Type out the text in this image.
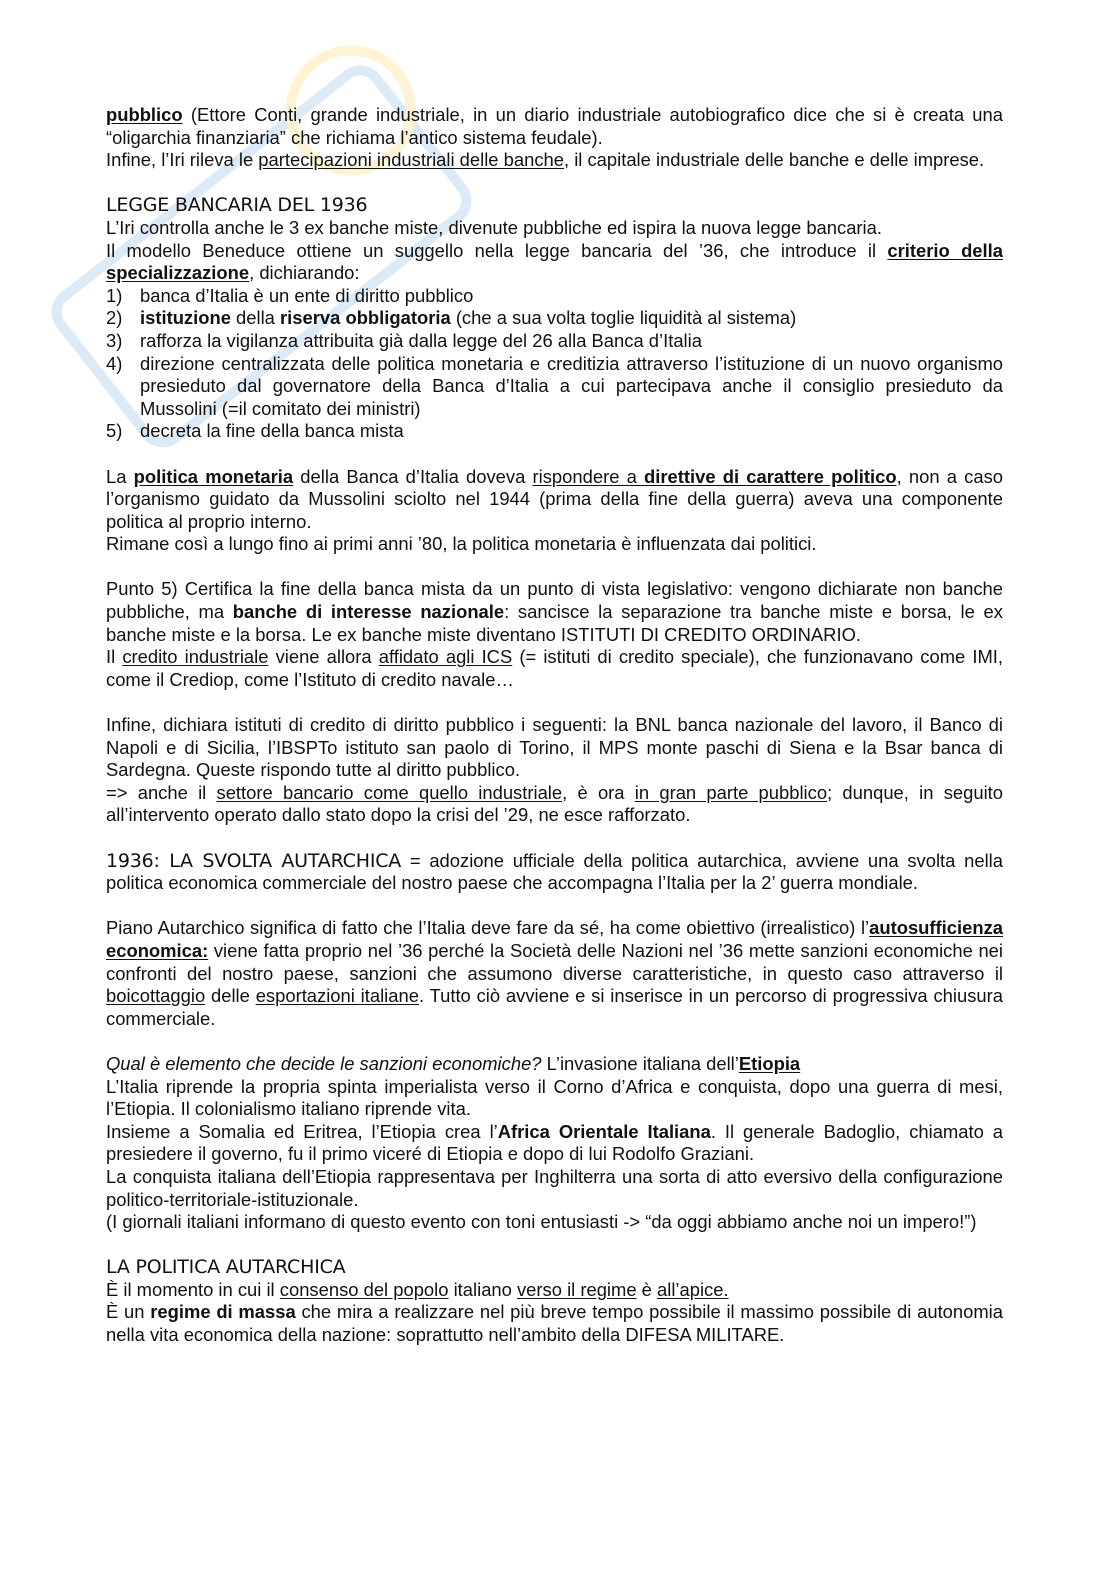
pubblico (Ettore Conti, grande industriale, in un diario industriale autobiografico dice che si è creata una “oligarchia finanziaria” che richiama l’antico sistema feudale).

Infine, l’Iri rileva le partecipazioni industriali delle banche, il capitale industriale delle banche e delle imprese.

LEGGE BANCARIA DEL 1936

L’Iri controlla anche le 3 ex banche miste, divenute pubbliche ed ispira la nuova legge bancaria.

Il modello Beneduce ottiene un suggello nella legge bancaria del ’36, che introduce il criterio della specializzazione, dichiarando:

1) banca d’Italia è un ente di diritto pubblico
2) istituzione della riserva obbligatoria (che a sua volta toglie liquidità al sistema)
3) rafforza la vigilanza attribuita già dalla legge del 26 alla Banca d’Italia
4) direzione centralizzata delle politica monetaria e creditizia attraverso l’istituzione di un nuovo organismo presieduto dal governatore della Banca d’Italia a cui partecipava anche il consiglio presieduto da Mussolini (=il comitato dei ministri)
5) decreta la fine della banca mista

La politica monetaria della Banca d’Italia doveva rispondere a direttive di carattere politico, non a caso l’organismo guidato da Mussolini sciolto nel 1944 (prima della fine della guerra) aveva una componente politica al proprio interno.

Rimane così a lungo fino ai primi anni ’80, la politica monetaria è influenzata dai politici.

Punto 5) Certifica la fine della banca mista da un punto di vista legislativo: vengono dichiarate non banche pubbliche, ma banche di interesse nazionale: sancisce la separazione tra banche miste e borsa, le ex banche miste e la borsa. Le ex banche miste diventano ISTITUTI DI CREDITO ORDINARIO.

Il credito industriale viene allora affidato agli ICS (= istituti di credito speciale), che funzionavano come IMI, come il Crediop, come l’Istituto di credito navale…

Infine, dichiara istituti di credito di diritto pubblico i seguenti: la BNL banca nazionale del lavoro, il Banco di Napoli e di Sicilia, l’IBSPTo istituto san paolo di Torino, il MPS monte paschi di Siena e la Bsar banca di Sardegna. Queste rispondo tutte al diritto pubblico.

=> anche il settore bancario come quello industriale, è ora in gran parte pubblico; dunque, in seguito all’intervento operato dallo stato dopo la crisi del ’29, ne esce rafforzato.

1936: LA SVOLTA AUTARCHICA = adozione ufficiale della politica autarchica, avviene una svolta nella politica economica commerciale del nostro paese che accompagna l’Italia per la 2’ guerra mondiale.

Piano Autarchico significa di fatto che l’Italia deve fare da sé, ha come obiettivo (irrealistico) l’autosufficienza economica: viene fatta proprio nel ’36 perché la Società delle Nazioni nel ’36 mette sanzioni economiche nei confronti del nostro paese, sanzioni che assumono diverse caratteristiche, in questo caso attraverso il boicottaggio delle esportazioni italiane. Tutto ciò avviene e si inserisce in un percorso di progressiva chiusura commerciale.

Qual è elemento che decide le sanzioni economiche? L’invasione italiana dell’Etiopia

L’Italia riprende la propria spinta imperialista verso il Corno d’Africa e conquista, dopo una guerra di mesi, l’Etiopia. Il colonialismo italiano riprende vita.

Insieme a Somalia ed Eritrea, l’Etiopia crea l’Africa Orientale Italiana. Il generale Badoglio, chiamato a presiedere il governo, fu il primo viceré di Etiopia e dopo di lui Rodolfo Graziani.

La conquista italiana dell’Etiopia rappresentava per Inghilterra una sorta di atto eversivo della configurazione politico-territoriale-istituzionale.

(I giornali italiani informano di questo evento con toni entusiasti -> “da oggi abbiamo anche noi un impero!”)

LA POLITICA AUTARCHICA

È il momento in cui il consenso del popolo italiano verso il regime è all’apice.

È un regime di massa che mira a realizzare nel più breve tempo possibile il massimo possibile di autonomia nella vita economica della nazione: soprattutto nell’ambito della DIFESA MILITARE.
